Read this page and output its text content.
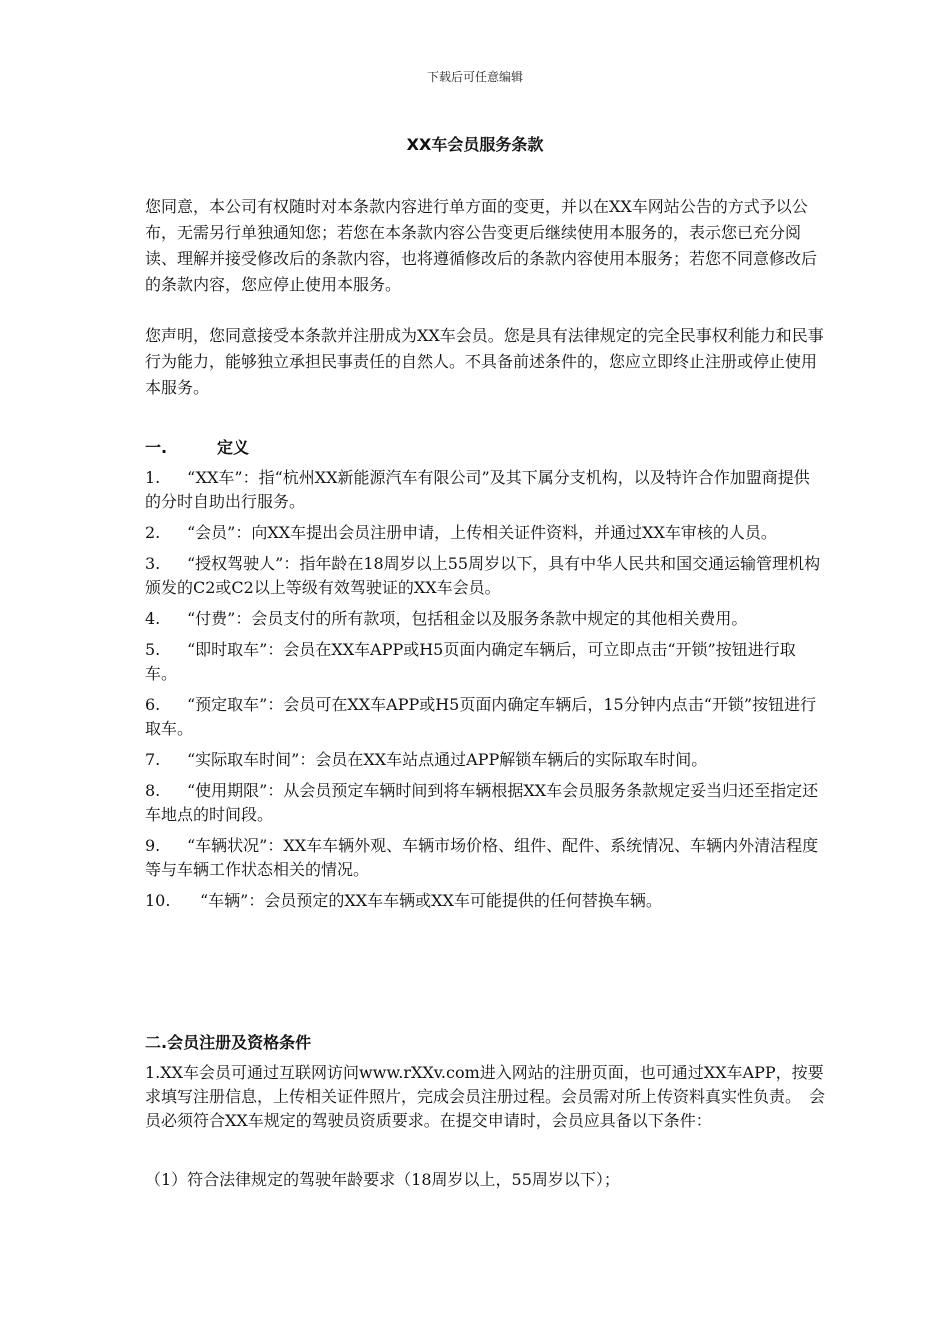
下载后可任意编辑
XX车会员服务条款

您同意，本公司有权随时对本条款内容进行单方面的变更，并以在XX车网站公告的方式予以公布，无需另行单独通知您；若您在本条款内容公告变更后继续使用本服务的，表示您已充分阅读、理解并接受修改后的条款内容，也将遵循修改后的条款内容使用本服务；若您不同意修改后的条款内容，您应停止使用本服务。

您声明，您同意接受本条款并注册成为XX车会员。您是具有法律规定的完全民事权利能力和民事行为能力，能够独立承担民事责任的自然人。不具备前述条件的，您应立即终止注册或停止使用本服务。

一.	定义

1. “XX车”：指“杭州XX新能源汽车有限公司”及其下属分支机构，以及特许合作加盟商提供的分时自助出行服务。

2. “会员”：向XX车提出会员注册申请，上传相关证件资料，并通过XX车审核的人员。

3. “授权驾驶人”：指年龄在18周岁以上55周岁以下，具有中华人民共和国交通运输管理机构颁发的C2或C2以上等级有效驾驶证的XX车会员。

4. “付费”：会员支付的所有款项，包括租金以及服务条款中规定的其他相关费用。

5. “即时取车”：会员在XX车APP或H5页面内确定车辆后，可立即点击“开锁”按钮进行取车。

6. “预定取车”：会员可在XX车APP或H5页面内确定车辆后，15分钟内点击“开锁”按钮进行取车。

7. “实际取车时间”：会员在XX车站点通过APP解锁车辆后的实际取车时间。

8. “使用期限”：从会员预定车辆时间到将车辆根据XX车会员服务条款规定妥当归还至指定还车地点的时间段。

9. “车辆状况”：XX车车辆外观、车辆市场价格、组件、配件、系统情况、车辆内外清洁程度等与车辆工作状态相关的情况。

10. “车辆”：会员预定的XX车车辆或XX车可能提供的任何替换车辆。

二.会员注册及资格条件

1.XX车会员可通过互联网访问www.rXXv.com进入网站的注册页面，也可通过XX车APP，按要求填写注册信息，上传相关证件照片，完成会员注册过程。会员需对所上传资料真实性负责。　会员必须符合XX车规定的驾驶员资质要求。在提交申请时，会员应具备以下条件：

（1）符合法律规定的驾驶年龄要求（18周岁以上，55周岁以下）；
